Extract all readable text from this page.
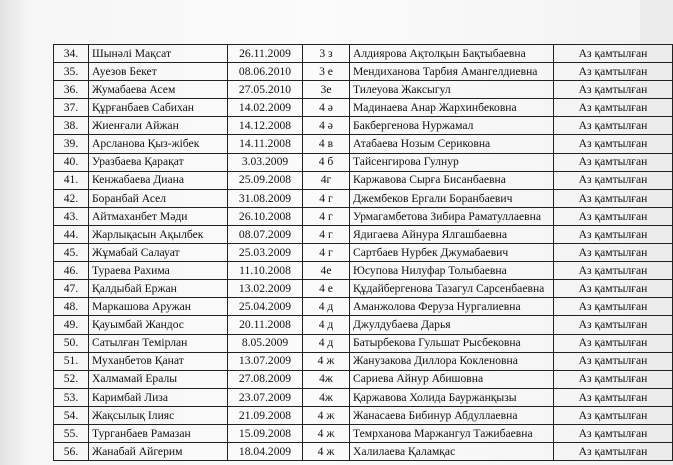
34.	Шынәлі Мақсат	26.11.2009	3 з	Алдиярова Ақтолқын Бақтыбаевна	Аз қамтылған
35.	Ауезов Бекет	08.06.2010	3 е	Мендиханова Тарбия Амангелдиевна	Аз қамтылған
36.	Жумабаева Асем	27.05.2010	3е	Тилеуова Жаксыгул	Аз қамтылған
37.	Құрғанбаев Сабихан	14.02.2009	4 ә	Мадинаева Анар Жархинбековна	Аз қамтылған
38.	Жиенғали Айжан	14.12.2008	4 ә	Бакбергенова Нуржамал	Аз қамтылған
39.	Арсланова Қыз-жібек	14.11.2008	4 в	Атабаева Нозым Сериковна	Аз қамтылған
40.	Уразбаева Қарақат	3.03.2009	4 б	Тайсенгирова Гулнур	Аз қамтылған
41.	Кенжабаева Диана	25.09.2008	4г	Каржавова Сырға Бисанбаевна	Аз қамтылған
42.	Боранбай Асел	31.08.2009	4 г	Джембеков Ергали Боранбаевич	Аз қамтылған
43.	Айтмаханбет Мәди	26.10.2008	4 г	Урмагамбетова Зибира Раматуллаевна	Аз қамтылған
44.	Жарлықасын Ақылбек	08.07.2009	4 г	Ядигаева Айнура Ялгашбаевна	Аз қамтылған
45.	Жұмабай Салауат	25.03.2009	4 г	Сартбаев Нурбек Джумабаевич	Аз қамтылған
46.	Тураева Рахима	11.10.2008	4е	Юсупова Нилуфар Толыбаевна	Аз қамтылған
47.	Қалдыбай Ержан	13.02.2009	4 е	Құдайбергенова Тазагул Сарсенбаевна	Аз қамтылған
48.	Маркашова Аружан	25.04.2009	4 д	Аманжолова Феруза Нургалиевна	Аз қамтылған
49.	Қауымбай Жандос	20.11.2008	4 д	Джулдубаева Дарья	Аз қамтылған
50.	Сатылған Темірлан	8.05.2009	4 д	Батырбекова Гульшат Рысбековна	Аз қамтылған
51.	Муханбетов Қанат	13.07.2009	4 ж	Жанузакова Диллора Кокленовна	Аз қамтылған
52.	Халмамай Ералы	27.08.2009	4ж	Сариева Айнур Абишовна	Аз қамтылған
53.	Каримбай Лиза	23.07.2009	4ж	Қаржавова Холида Бауржанқызы	Аз қамтылған
54.	Жақсылық Ілияс	21.09.2008	4 ж	Жанасаева Бибинур Абдуллаевна	Аз қамтылған
55.	Турганбаев Рамазан	15.09.2008	4 ж	Темрханова Маржангул Тажибаевна	Аз қамтылған
56.	Жанабай Айгерим	18.04.2009	4 ж	Халилаева Қаламқас	Аз қамтылған
